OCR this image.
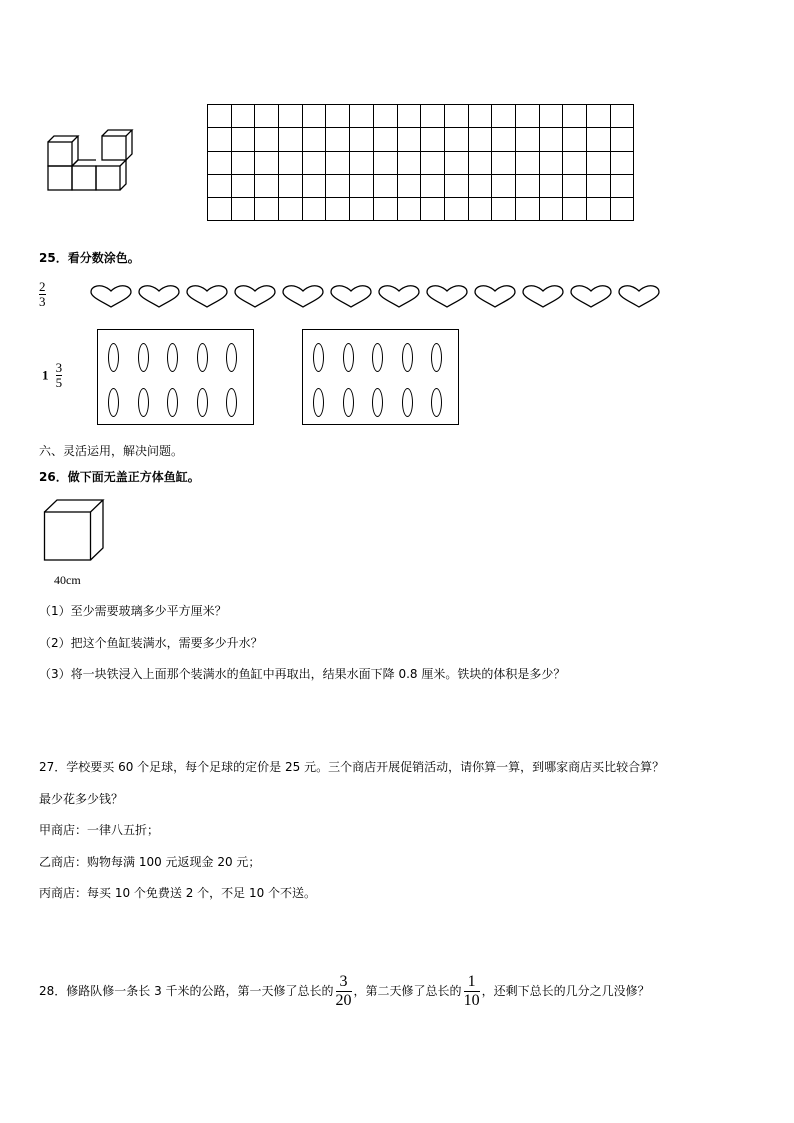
25．看分数涂色。
$\frac{2}{3}$
$1 \frac{3}{5}$
六、灵活运用，解决问题。
26．做下面无盖正方体鱼缸。
40cm
（1）至少需要玻璃多少平方厘米？
（2）把这个鱼缸装满水，需要多少升水？
（3）将一块铁浸入上面那个装满水的鱼缸中再取出，结果水面下降 0.8 厘米。铁块的体积是多少？
27．学校要买 60 个足球，每个足球的定价是 25 元。三个商店开展促销活动，请你算一算，到哪家商店买比较合算？
最少花多少钱？
甲商店：一律八五折；
乙商店：购物每满 100 元返现金 20 元；
丙商店：每买 10 个免费送 2 个，不足 10 个不送。
28．修路队修一条长 3 千米的公路，第一天修了总长的 $\frac{3}{20}$ ，第二天修了总长的 $\frac{1}{10}$ ，还剩下总长的几分之几没修？
